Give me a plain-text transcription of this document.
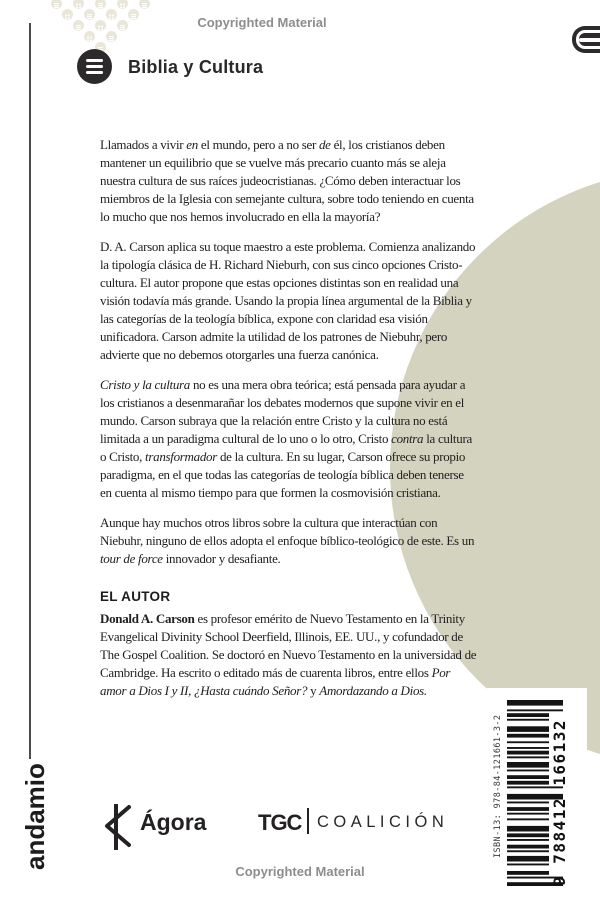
Copyrighted Material
Biblia y Cultura
andamio

Llamados a vivir en el mundo, pero a no ser de él, los cristianos deben mantener un equilibrio que se vuelve más precario cuanto más se aleja nuestra cultura de sus raíces judeocristianas. ¿Cómo deben interactuar los miembros de la Iglesia con semejante cultura, sobre todo teniendo en cuenta lo mucho que nos hemos involucrado en ella la mayoría?

D. A. Carson aplica su toque maestro a este problema. Comienza analizando la tipología clásica de H. Richard Nieburh, con sus cinco opciones Cristo-cultura. El autor propone que estas opciones distintas son en realidad una visión todavía más grande. Usando la propia línea argumental de la Biblia y las categorías de la teología bíblica, expone con claridad esa visión unificadora. Carson admite la utilidad de los patrones de Niebuhr, pero advierte que no debemos otorgarles una fuerza canónica.

Cristo y la cultura no es una mera obra teórica; está pensada para ayudar a los cristianos a desenmarañar los debates modernos que supone vivir en el mundo. Carson subraya que la relación entre Cristo y la cultura no está limitada a un paradigma cultural de lo uno o lo otro, Cristo contra la cultura o Cristo, transformador de la cultura. En su lugar, Carson ofrece su propio paradigma, en el que todas las categorías de teología bíblica deben tenerse en cuenta al mismo tiempo para que formen la cosmovisión cristiana.

Aunque hay muchos otros libros sobre la cultura que interactúan con Niebuhr, ninguno de ellos adopta el enfoque bíblico-teológico de este. Es un tour de force innovador y desafiante.

EL AUTOR

Donald A. Carson es profesor emérito de Nuevo Testamento en la Trinity Evangelical Divinity School Deerfield, Illinois, EE. UU., y cofundador de The Gospel Coalition. Se doctoró en Nuevo Testamento en la universidad de Cambridge. Ha escrito o editado más de cuarenta libros, entre ellos Por amor a Dios I y II, ¿Hasta cuándo Señor? y Amordazando a Dios.

Ágora TGC COALICIÓN	ISBN-13: 978-84-121661-3-2	9 788412 166132
Copyrighted Material
